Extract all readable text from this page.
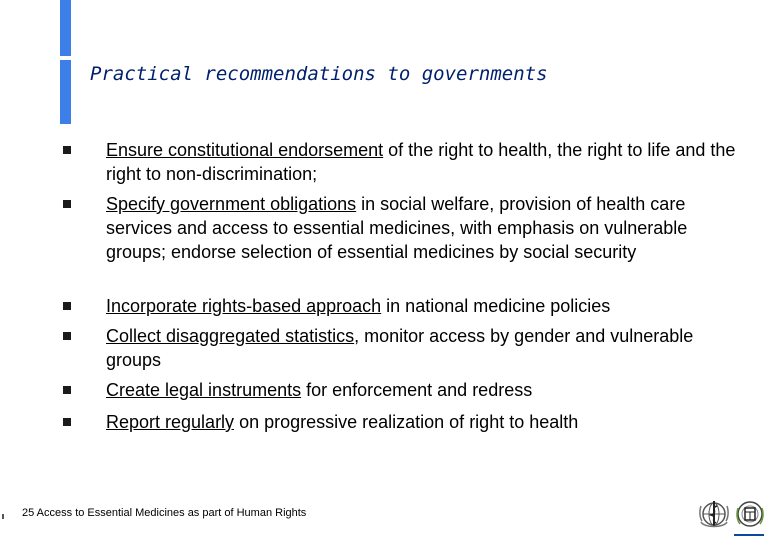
Practical recommendations to governments
Ensure constitutional endorsement of the right to health, the right to life and the right to non-discrimination;
Specify government obligations in social welfare, provision of health care services and access to essential medicines, with emphasis on vulnerable groups; endorse selection of essential medicines by social security
Incorporate rights-based approach in national medicine policies
Collect disaggregated statistics, monitor access by gender and vulnerable groups
Create legal instruments for enforcement and redress
Report regularly on progressive realization of right to health
25 Access to Essential Medicines as part of Human Rights
